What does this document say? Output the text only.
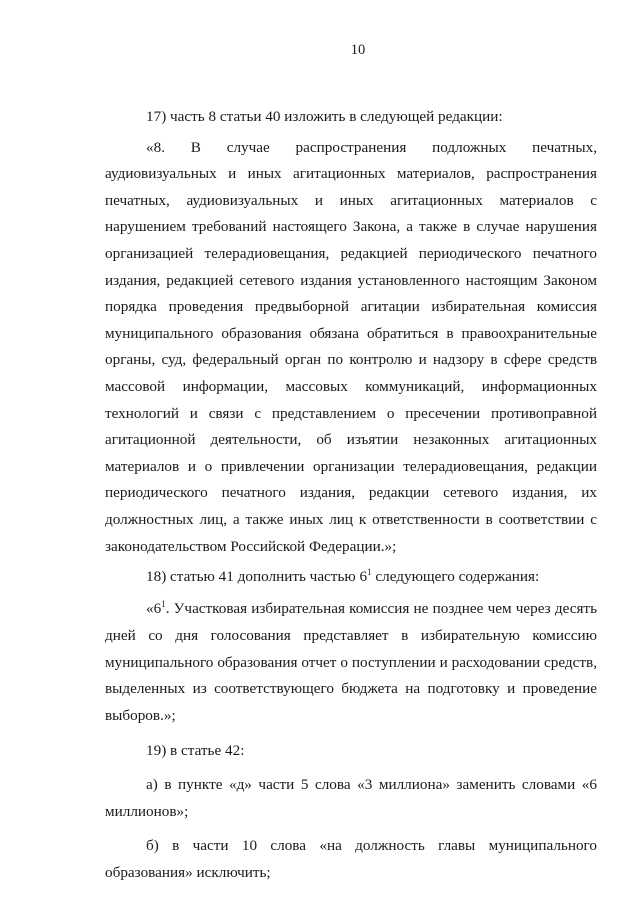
10

17) часть 8 статьи 40 изложить в следующей редакции:

«8. В случае распространения подложных печатных, аудиовизуальных и иных агитационных материалов, распространения печатных, аудиовизуальных и иных агитационных материалов с нарушением требований настоящего Закона, а также в случае нарушения организацией телерадиовещания, редакцией периодического печатного издания, редакцией сетевого издания установленного настоящим Законом порядка проведения предвыборной агитации избирательная комиссия муниципального образования обязана обратиться в правоохранительные органы, суд, федеральный орган по контролю и надзору в сфере средств массовой информации, массовых коммуникаций, информационных технологий и связи с представлением о пресечении противоправной агитационной деятельности, об изъятии незаконных агитационных материалов и о привлечении организации телерадиовещания, редакции периодического печатного издания, редакции сетевого издания, их должностных лиц, а также иных лиц к ответственности в соответствии с законодательством Российской Федерации.»;

18) статью 41 дополнить частью $6^1$ следующего содержания:

«$6^1$. Участковая избирательная комиссия не позднее чем через десять дней со дня голосования представляет в избирательную комиссию муниципального образования отчет о поступлении и расходовании средств, выделенных из соответствующего бюджета на подготовку и проведение выборов.»;

19) в статье 42:

а) в пункте «д» части 5 слова «3 миллиона» заменить словами «6 миллионов»;

б) в части 10 слова «на должность главы муниципального образования» исключить;
